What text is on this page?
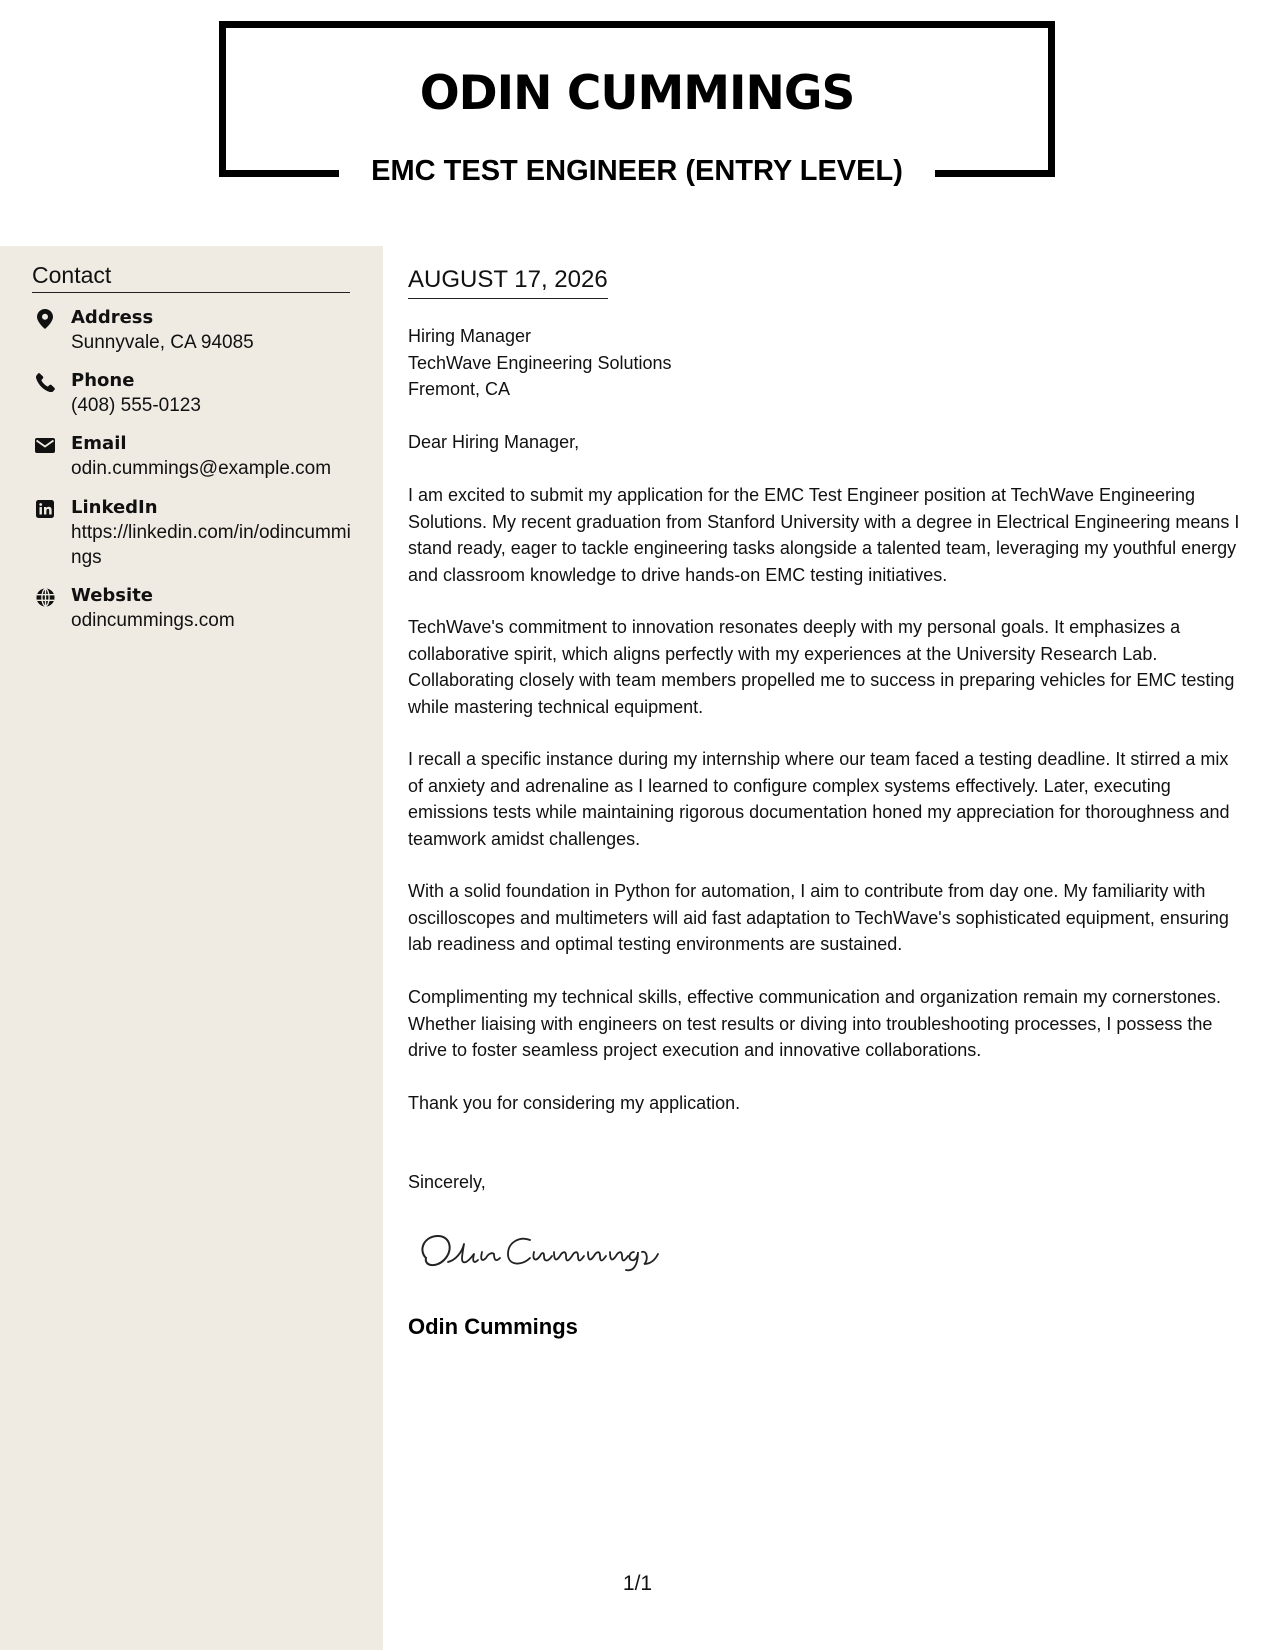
ODIN CUMMINGS
EMC TEST ENGINEER (ENTRY LEVEL)
Contact
Address
Sunnyvale, CA 94085
Phone
(408) 555-0123
Email
odin.cummings@example.com
LinkedIn
https://linkedin.com/in/odincummings
Website
odincummings.com
AUGUST 17, 2026
Hiring Manager
TechWave Engineering Solutions
Fremont, CA
Dear Hiring Manager,
I am excited to submit my application for the EMC Test Engineer position at TechWave Engineering Solutions. My recent graduation from Stanford University with a degree in Electrical Engineering means I stand ready, eager to tackle engineering tasks alongside a talented team, leveraging my youthful energy and classroom knowledge to drive hands-on EMC testing initiatives.
TechWave's commitment to innovation resonates deeply with my personal goals. It emphasizes a collaborative spirit, which aligns perfectly with my experiences at the University Research Lab. Collaborating closely with team members propelled me to success in preparing vehicles for EMC testing while mastering technical equipment.
I recall a specific instance during my internship where our team faced a testing deadline. It stirred a mix of anxiety and adrenaline as I learned to configure complex systems effectively. Later, executing emissions tests while maintaining rigorous documentation honed my appreciation for thoroughness and teamwork amidst challenges.
With a solid foundation in Python for automation, I aim to contribute from day one. My familiarity with oscilloscopes and multimeters will aid fast adaptation to TechWave's sophisticated equipment, ensuring lab readiness and optimal testing environments are sustained.
Complimenting my technical skills, effective communication and organization remain my cornerstones. Whether liaising with engineers on test results or diving into troubleshooting processes, I possess the drive to foster seamless project execution and innovative collaborations.
Thank you for considering my application.
Sincerely,
Odin Cummings
1/1
